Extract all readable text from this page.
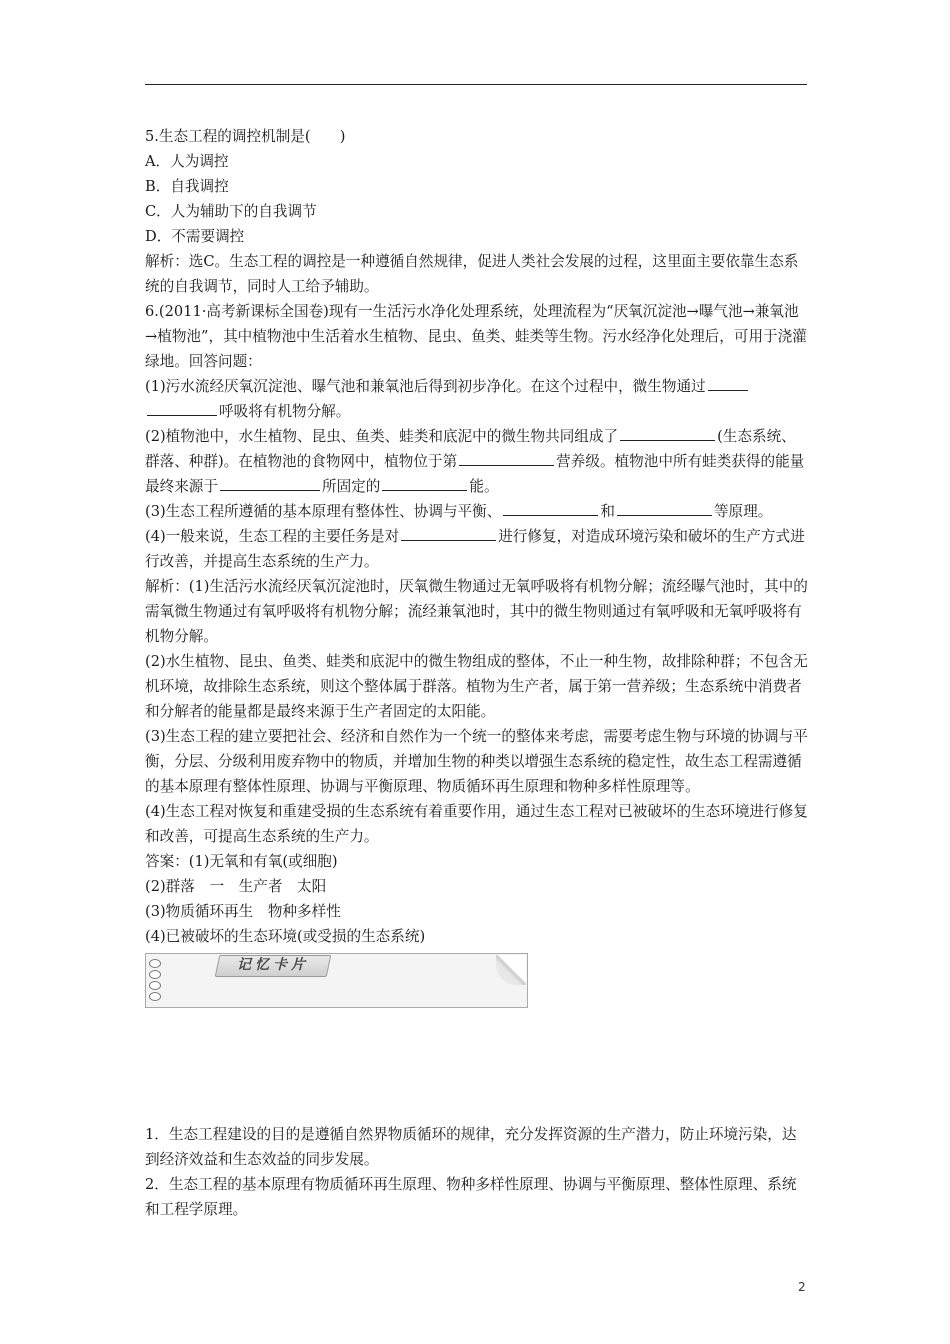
5.生态工程的调控机制是(　　)

A．人为调控

B．自我调控

C．人为辅助下的自我调节

D．不需要调控

解析：选C。生态工程的调控是一种遵循自然规律，促进人类社会发展的过程，这里面主要依靠生态系统的自我调节，同时人工给予辅助。

6.(2011·高考新课标全国卷)现有一生活污水净化处理系统，处理流程为“厌氧沉淀池→曝气池→兼氧池→植物池”，其中植物池中生活着水生植物、昆虫、鱼类、蛙类等生物。污水经净化处理后，可用于浇灌绿地。回答问题：

(1)污水流经厌氧沉淀池、曝气池和兼氧池后得到初步净化。在这个过程中，微生物通过
呼吸将有机物分解。

(2)植物池中，水生植物、昆虫、鱼类、蛙类和底泥中的微生物共同组成了	(生态系统、群落、种群)。在植物池的食物网中，植物位于第	营养级。植物池中所有蛙类获得的能量最终来源于	所固定的	能。

(3)生态工程所遵循的基本原理有整体性、协调与平衡、	和	等原理。

(4)一般来说，生态工程的主要任务是对	进行修复，对造成环境污染和破坏的生产方式进行改善，并提高生态系统的生产力。

解析：(1)生活污水流经厌氧沉淀池时，厌氧微生物通过无氧呼吸将有机物分解；流经曝气池时，其中的需氧微生物通过有氧呼吸将有机物分解；流经兼氧池时，其中的微生物则通过有氧呼吸和无氧呼吸将有机物分解。

(2)水生植物、昆虫、鱼类、蛙类和底泥中的微生物组成的整体，不止一种生物，故排除种群；不包含无机环境，故排除生态系统，则这个整体属于群落。植物为生产者，属于第一营养级；生态系统中消费者和分解者的能量都是最终来源于生产者固定的太阳能。

(3)生态工程的建立要把社会、经济和自然作为一个统一的整体来考虑，需要考虑生物与环境的协调与平衡，分层、分级利用废弃物中的物质，并增加生物的种类以增强生态系统的稳定性，故生态工程需遵循的基本原理有整体性原理、协调与平衡原理、物质循环再生原理和物种多样性原理等。

(4)生态工程对恢复和重建受损的生态系统有着重要作用，通过生态工程对已被破坏的生态环境进行修复和改善，可提高生态系统的生产力。

答案：(1)无氧和有氧(或细胞)

(2)群落　一　生产者　太阳

(3)物质循环再生　物种多样性

(4)已被破坏的生态环境(或受损的生态系统)

记忆卡片

1．生态工程建设的目的是遵循自然界物质循环的规律，充分发挥资源的生产潜力，防止环境污染，达到经济效益和生态效益的同步发展。

2．生态工程的基本原理有物质循环再生原理、物种多样性原理、协调与平衡原理、整体性原理、系统和工程学原理。

2
